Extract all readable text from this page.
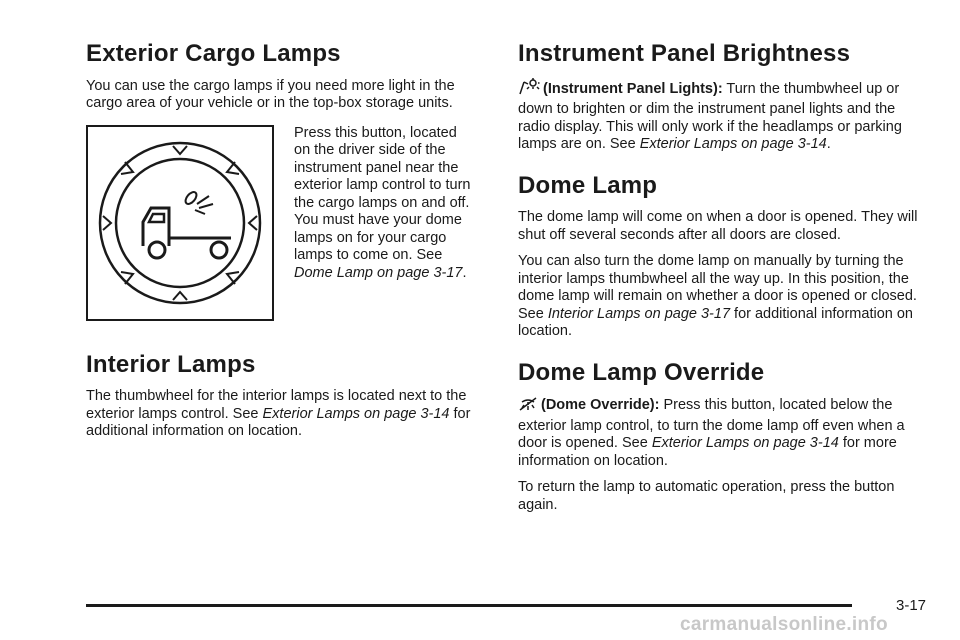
Exterior Cargo Lamps

You can use the cargo lamps if you need more light in the cargo area of your vehicle or in the top-box storage units.

Press this button, located on the driver side of the instrument panel near the exterior lamp control to turn the cargo lamps on and off. You must have your dome lamps on for your cargo lamps to come on. See Dome Lamp on page 3-17.
Interior Lamps

The thumbwheel for the interior lamps is located next to the exterior lamps control. See Exterior Lamps on page 3-14 for additional information on location.

Instrument Panel Brightness

(Instrument Panel Lights): Turn the thumbwheel up or down to brighten or dim the instrument panel lights and the radio display. This will only work if the headlamps or parking lamps are on. See Exterior Lamps on page 3-14.

Dome Lamp

The dome lamp will come on when a door is opened. They will shut off several seconds after all doors are closed.

You can also turn the dome lamp on manually by turning the interior lamps thumbwheel all the way up. In this position, the dome lamp will remain on whether a door is opened or closed. See Interior Lamps on page 3-17 for additional information on location.

Dome Lamp Override

(Dome Override): Press this button, located below the exterior lamp control, to turn the dome lamp off even when a door is opened. See Exterior Lamps on page 3-14 for more information on location.

To return the lamp to automatic operation, press the button again.

3-17
carmanualsonline.info
